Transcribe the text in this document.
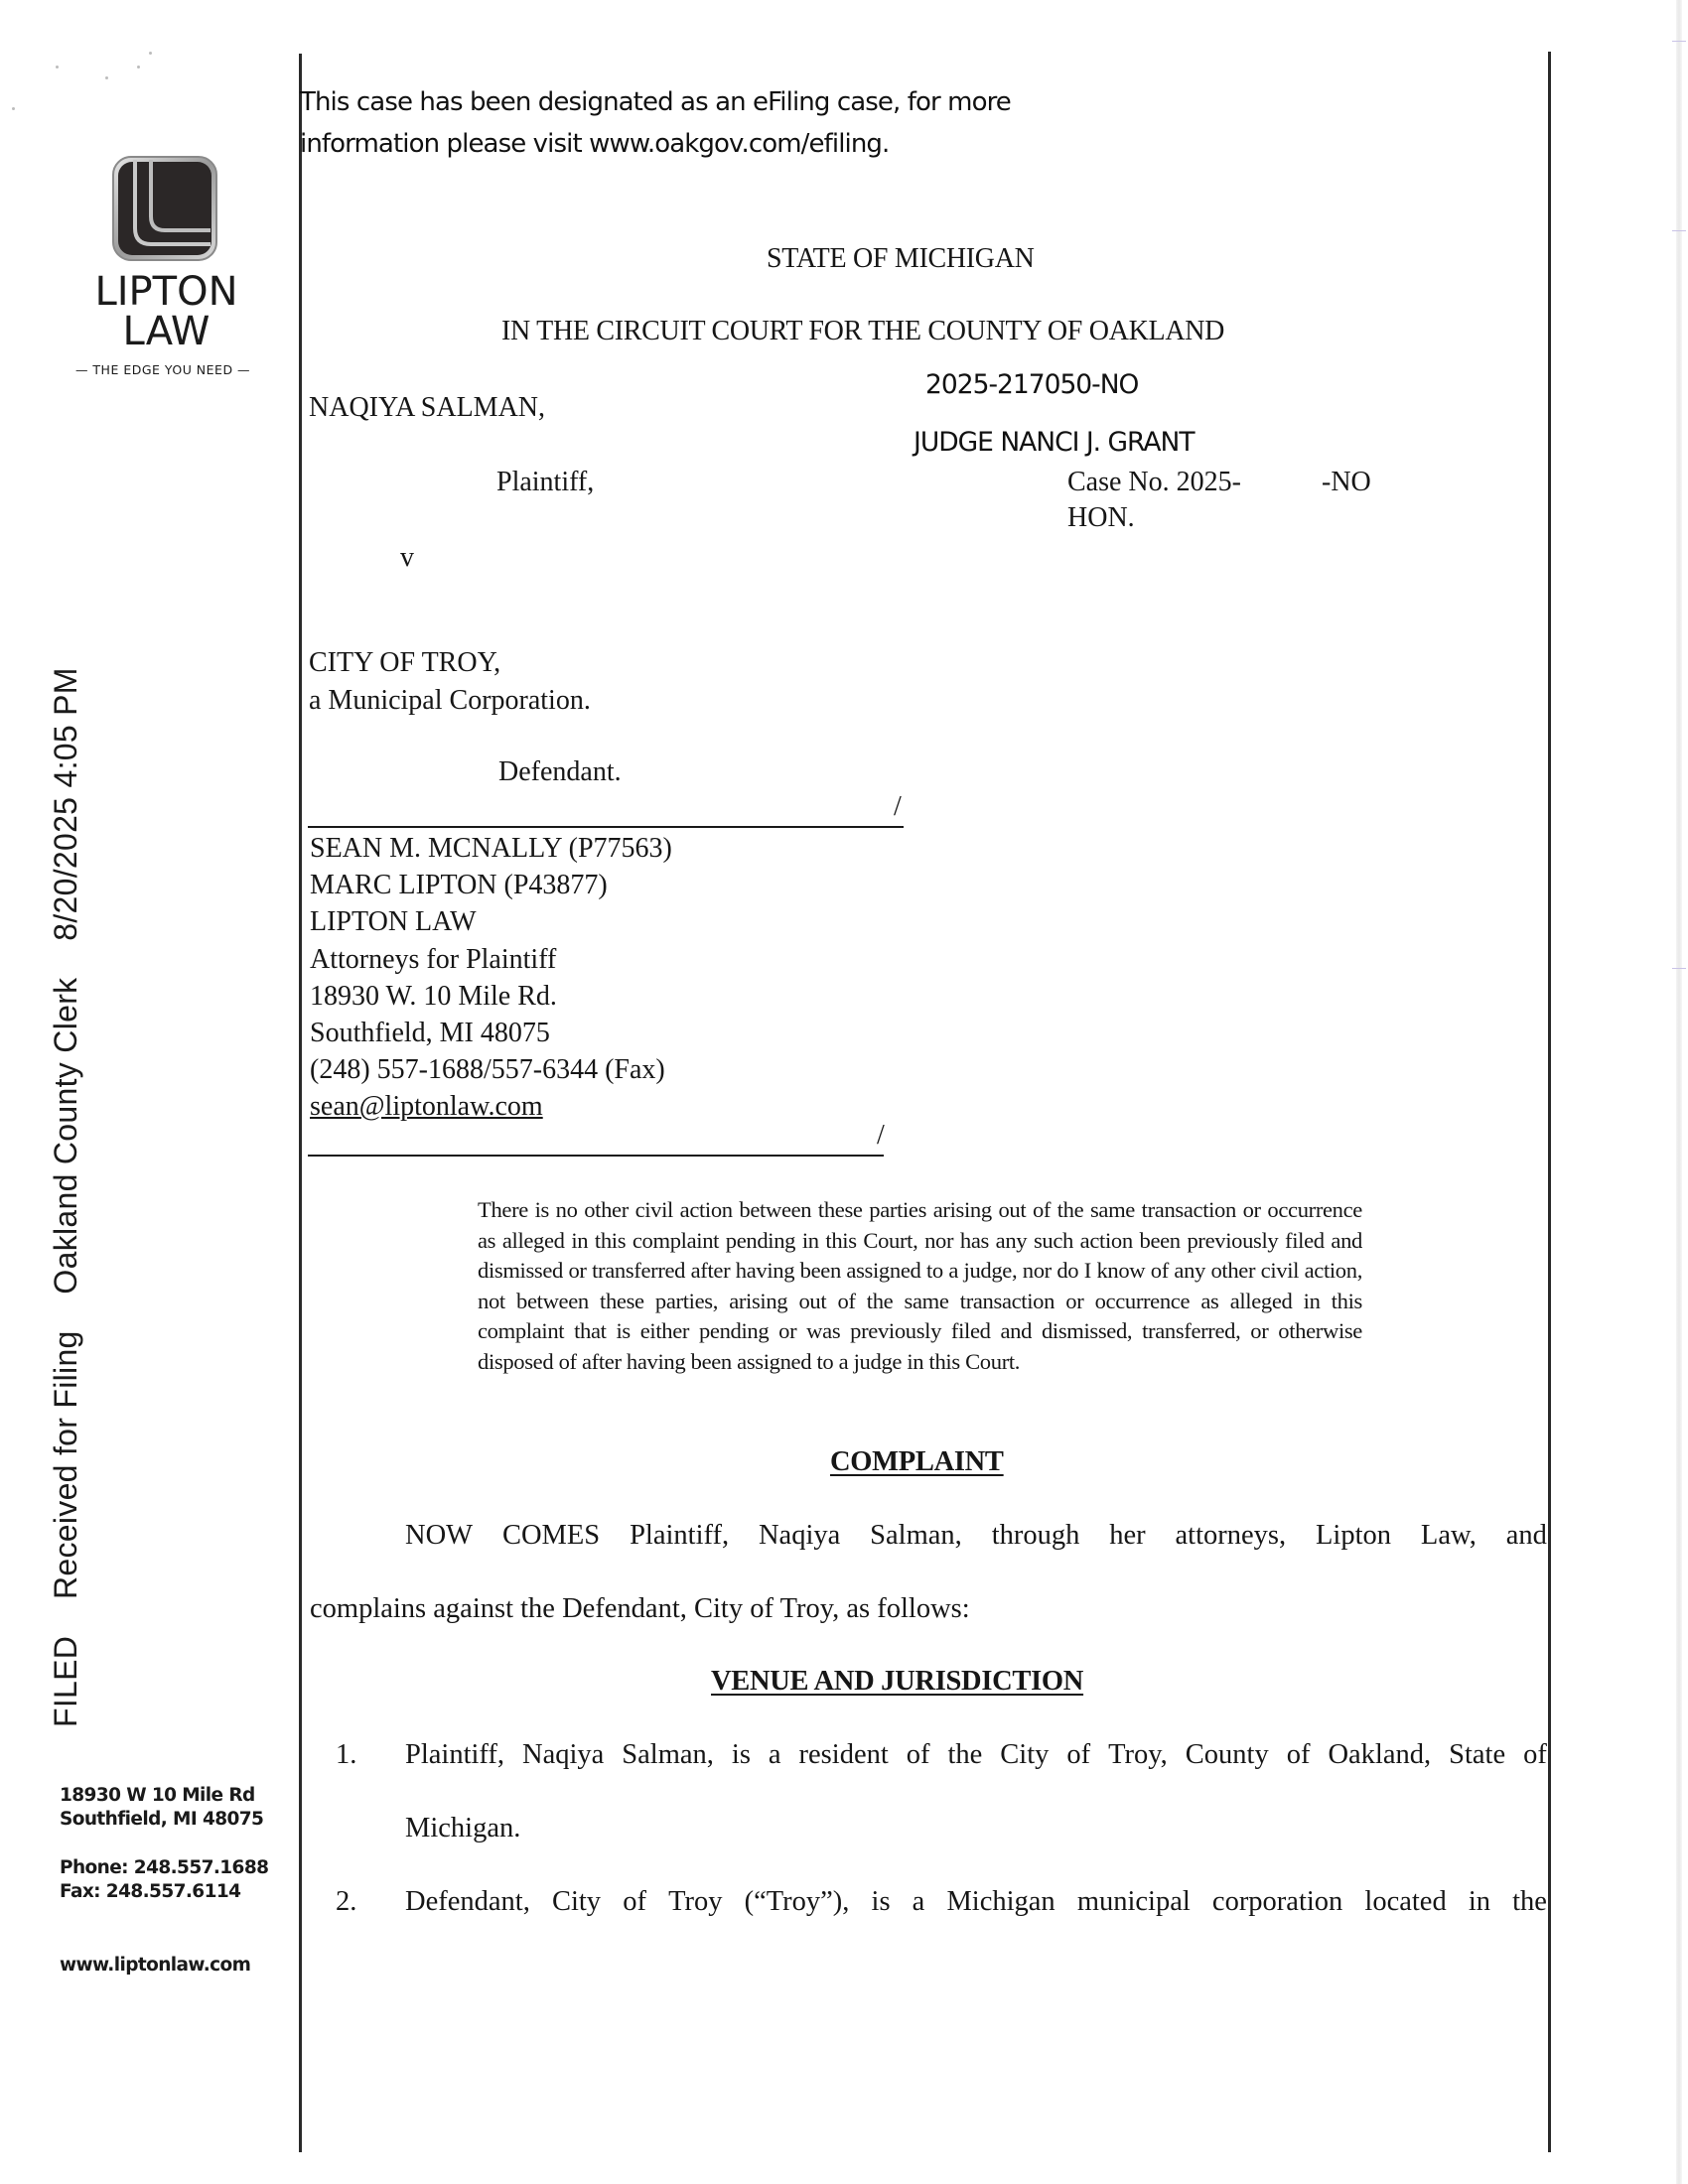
LIPTON
LAW
— THE EDGE YOU NEED —
FILED    Received for Filing    Oakland County Clerk    8/20/2025 4:05 PM
18930 W 10 Mile Rd
Southfield, MI 48075
Phone: 248.557.1688
Fax: 248.557.6114
www.liptonlaw.com
This case has been designated as an eFiling case, for more
information please visit www.oakgov.com/efiling.
STATE OF MICHIGAN
IN THE CIRCUIT COURT FOR THE COUNTY OF OAKLAND
2025-217050-NO
JUDGE NANCI J. GRANT
NAQIYA SALMAN,
Plaintiff,	Case No. 2025-	-NO
HON.
v
CITY OF TROY,
a Municipal Corporation.
Defendant.
/
SEAN M. MCNALLY (P77563)
MARC LIPTON (P43877)
LIPTON LAW
Attorneys for Plaintiff
18930 W. 10 Mile Rd.
Southfield, MI 48075
(248) 557-1688/557-6344 (Fax)
sean@liptonlaw.com
/
There is no other civil action between these parties arising out of the same transaction or occurrence as alleged in this complaint pending in this Court, nor has any such action been previously filed and dismissed or transferred after having been assigned to a judge, nor do I know of any other civil action, not between these parties, arising out of the same transaction or occurrence as alleged in this complaint that is either pending or was previously filed and dismissed, transferred, or otherwise disposed of after having been assigned to a judge in this Court.
COMPLAINT
NOW COMES Plaintiff, Naqiya Salman, through her attorneys, Lipton Law, and
complains against the Defendant, City of Troy, as follows:
VENUE AND JURISDICTION
1. Plaintiff, Naqiya Salman, is a resident of the City of Troy, County of Oakland, State of
Michigan.
2. Defendant, City of Troy (“Troy”), is a Michigan municipal corporation located in the
